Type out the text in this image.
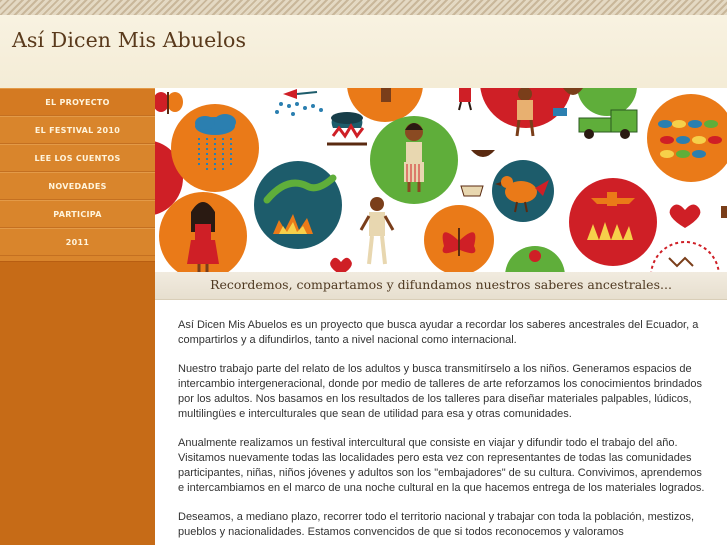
Así Dicen Mis Abuelos
EL PROYECTO
EL FESTIVAL 2010
LEE LOS CUENTOS
NOVEDADES
PARTICIPA
2011
Recordemos, compartamos y difundamos nuestros saberes ancestrales...

Así Dicen Mis Abuelos es un proyecto que busca ayudar a recordar los saberes ancestrales del Ecuador, a compartirlos y a difundirlos, tanto a nivel nacional como internacional.

Nuestro trabajo parte del relato de los adultos y busca transmitírselo a los niños. Generamos espacios de intercambio intergeneracional, donde por medio de talleres de arte reforzamos los conocimientos brindados por los adultos. Nos basamos en los resultados de los talleres para diseñar materiales palpables, lúdicos, multilingües e interculturales que sean de utilidad para esa y otras comunidades.

Anualmente realizamos un festival intercultural que consiste en viajar y difundir todo el trabajo del año. Visitamos nuevamente todas las localidades pero esta vez con representantes de todas las comunidades participantes, niñas, niños jóvenes y adultos son los "embajadores" de su cultura. Convivimos, aprendemos e intercambiamos en el marco de una noche cultural en la que hacemos entrega de los materiales logrados.

Deseamos, a mediano plazo, recorrer todo el territorio nacional y trabajar con toda la población, mestizos, pueblos y nacionalidades. Estamos convencidos de que si todos reconocemos y valoramos
